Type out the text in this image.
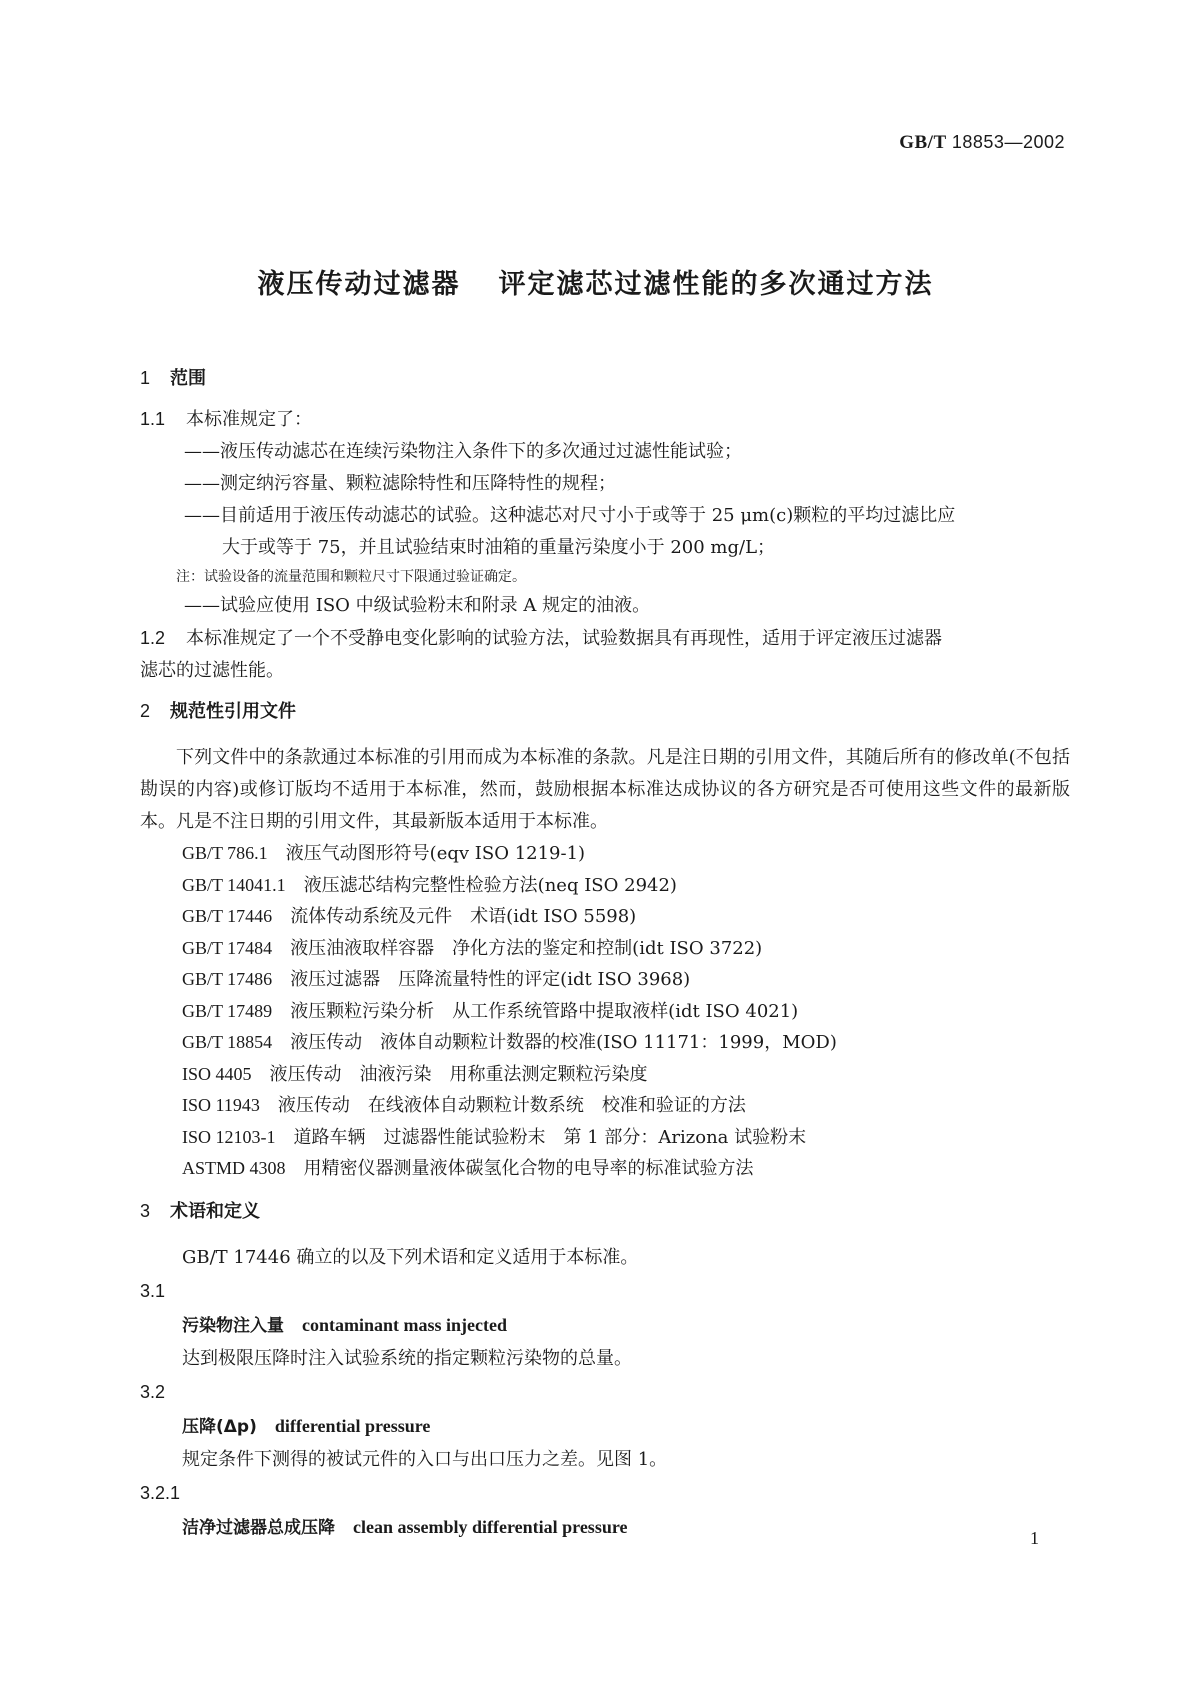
GB/T 18853—2002
液压传动过滤器 评定滤芯过滤性能的多次通过方法
1 范围
1.1 本标准规定了：
——液压传动滤芯在连续污染物注入条件下的多次通过过滤性能试验；
——测定纳污容量、颗粒滤除特性和压降特性的规程；
——目前适用于液压传动滤芯的试验。这种滤芯对尺寸小于或等于 25 μm(c)颗粒的平均过滤比应
大于或等于 75，并且试验结束时油箱的重量污染度小于 200 mg/L；
注：试验设备的流量范围和颗粒尺寸下限通过验证确定。
——试验应使用 ISO 中级试验粉末和附录 A 规定的油液。
1.2 本标准规定了一个不受静电变化影响的试验方法，试验数据具有再现性，适用于评定液压过滤器
滤芯的过滤性能。
2 规范性引用文件
下列文件中的条款通过本标准的引用而成为本标准的条款。凡是注日期的引用文件，其随后所有的修改单(不包括勘误的内容)或修订版均不适用于本标准，然而，鼓励根据本标准达成协议的各方研究是否可使用这些文件的最新版本。凡是不注日期的引用文件，其最新版本适用于本标准。
GB/T 786.1 液压气动图形符号(eqv ISO 1219-1)
GB/T 14041.1 液压滤芯结构完整性检验方法(neq ISO 2942)
GB/T 17446 流体传动系统及元件　术语(idt ISO 5598)
GB/T 17484 液压油液取样容器　净化方法的鉴定和控制(idt ISO 3722)
GB/T 17486 液压过滤器　压降流量特性的评定(idt ISO 3968)
GB/T 17489 液压颗粒污染分析　从工作系统管路中提取液样(idt ISO 4021)
GB/T 18854 液压传动　液体自动颗粒计数器的校准(ISO 11171：1999，MOD)
ISO 4405 液压传动　油液污染　用称重法测定颗粒污染度
ISO 11943 液压传动　在线液体自动颗粒计数系统　校准和验证的方法
ISO 12103-1 道路车辆　过滤器性能试验粉末　第 1 部分：Arizona 试验粉末
ASTMD 4308 用精密仪器测量液体碳氢化合物的电导率的标准试验方法
3 术语和定义
GB/T 17446 确立的以及下列术语和定义适用于本标准。
3.1
污染物注入量 contaminant mass injected
达到极限压降时注入试验系统的指定颗粒污染物的总量。
3.2
压降(Δp) differential pressure
规定条件下测得的被试元件的入口与出口压力之差。见图 1。
3.2.1
洁净过滤器总成压降 clean assembly differential pressure
1
